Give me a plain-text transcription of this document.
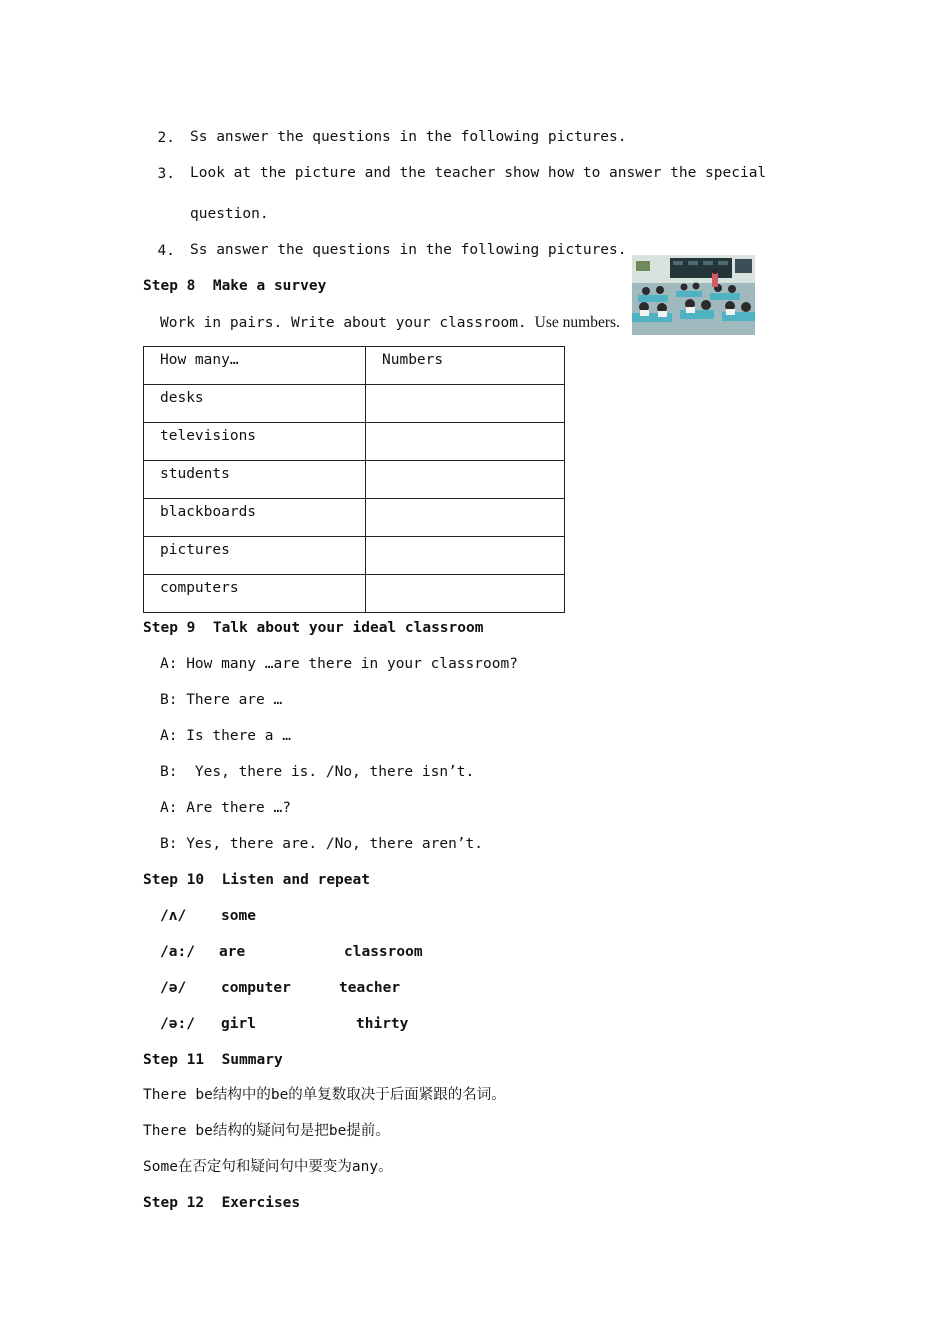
2. Ss answer the questions in the following pictures.
3. Look at the picture and the teacher show how to answer the special
question.
4. Ss answer the questions in the following pictures.
Step 8  Make a survey
Work in pairs. Write about your classroom. Use numbers.
How many…	Numbers

desks	

televisions	

students	

blackboards	

pictures	

computers	

Step 9  Talk about your ideal classroom
A: How many …are there in your classroom?
B: There are …
A: Is there a …
B:  Yes, there is. /No, there isn’t.
A: Are there …?
B: Yes, there are. /No, there aren’t.
Step 10  Listen and repeat
/ʌ/ some
/a:/ are	classroom
/ə/ computer	teacher
/ə:/ girl	thirty
Step 11  Summary
There be结构中的be的单复数取决于后面紧跟的名词。
There be结构的疑问句是把be提前。
Some在否定句和疑问句中要变为any。
Step 12  Exercises
